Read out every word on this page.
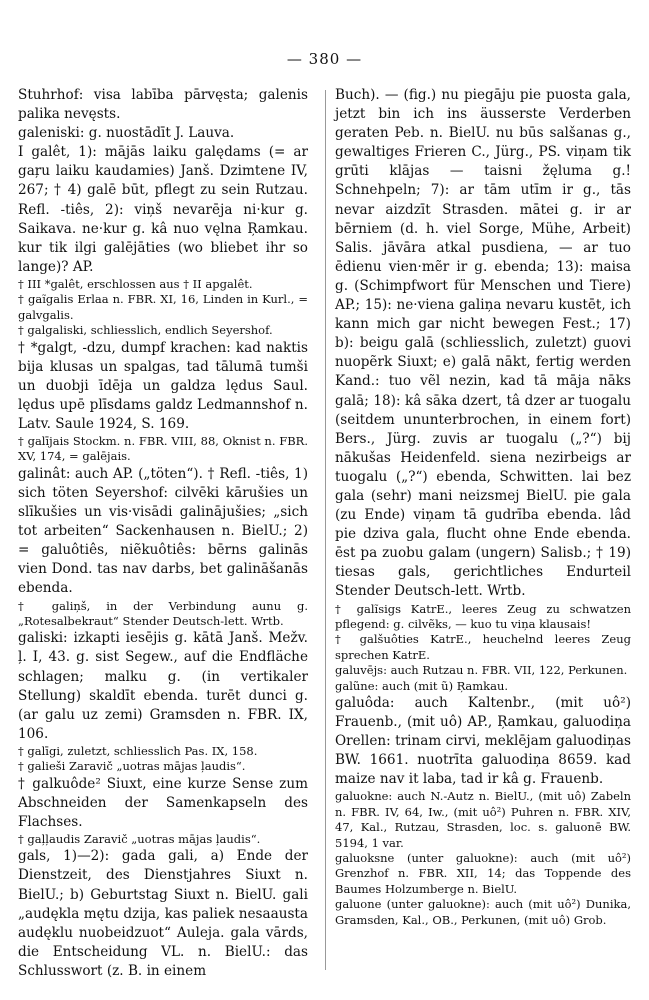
— 380 —

Stuhrhof: visa labība pārvęsta; galenis palika nevęsts.

galeniski: g. nuostādīt J. Lauva.

I galêt, 1): mājās laiku galędams (= ar gaŗu laiku kaudamies) Janš. Dzimtene IV, 267; † 4) galē būt, pflegt zu sein Rutzau. Refl. -tiês, 2): viņš nevarēja ni·kur g. Saikava. ne·kur g. kâ nuo vęlna Ŗamkau. kur tik ilgi galējāties (wo bliebet ihr so lange)? AP.

† III *galêt, erschlossen aus † II apgalêt.

† gaĩgalis Erlaa n. FBR. XI, 16, Linden in Kurl., = galvgalis.

† galgaliski, schliesslich, endlich Seyershof.

† *galgt, -dzu, dumpf krachen: kad naktis bija klusas un spalgas, tad tālumā tumši un duobji īdēja un galdza lędus Saul. lędus upē plīsdams galdz Ledmannshof n. Latv. Saule 1924, S. 169.

† galījais Stockm. n. FBR. VIII, 88, Oknist n. FBR. XV, 174, = galējais.

galinât: auch AP. („töten“). † Refl. -tiês, 1) sich töten Seyershof: cilvēki kārušies un slīkušies un vis·visādi galinājušies; „sich tot arbeiten“ Sackenhausen n. BielU.; 2) = galuôtiês, niẽkuôtiês: bērns galinās vien Dond. tas nav darbs, bet galināšanās ebenda.

† galiņš, in der Verbindung aunu g. „Rotesalbekraut“ Stender Deutsch-lett. Wrtb.

galiski: izkapti iesējis g. kātā Janš. Mežv. ļ. I, 43. g. sist Segew., auf die Endfläche schlagen; malku g. (in vertikaler Stellung) skaldīt ebenda. turēt dunci g. (ar galu uz zemi) Gramsden n. FBR. IX, 106.

† galīgi, zuletzt, schliesslich Pas. IX, 158.

† galieši Zaravič „uotras mājas ļaudis“.

† galkuôde² Siuxt, eine kurze Sense zum Abschneiden der Samenkapseln des Flachses.

† gaļļaudis Zaravič „uotras mājas ļaudis“.

gals, 1)—2): gada gali, a) Ende der Dienstzeit, des Dienstjahres Siuxt n. BielU.; b) Geburtstag Siuxt n. BielU. gali „audękla mętu dzija, kas paliek nesaausta audęklu nuobeidzuot“ Auleja. gala vārds, die Entscheidung VL. n. BielU.: das Schlusswort (z. B. in einem

Buch). — (fig.) nu piegāju pie puosta gala, jetzt bin ich ins äusserste Verderben geraten Peb. n. BielU. nu būs salšanas g., gewaltiges Frieren C., Jürg., PS. viņam tik grūti klājas — taisni žęluma g.! Schnehpeln; 7): ar tām utīm ir g., tās nevar aizdzīt Strasden. mātei g. ir ar bērniem (d. h. viel Sorge, Mühe, Arbeit) Salis. jāvāra atkal pusdiena, — ar tuo ēdienu vien·mẽr ir g. ebenda; 13): maisa g. (Schimpfwort für Menschen und Tiere) AP.; 15): ne·viena galiņa nevaru kustēt, ich kann mich gar nicht bewegen Fest.; 17) b): beigu galā (schliesslich, zuletzt) guovi nuopẽrk Siuxt; e) galā nākt, fertig werden Kand.: tuo vẽl nezin, kad tā māja nāks galā; 18): kâ sāka dzert, tâ dzer ar tuogalu (seitdem ununterbrochen, in einem fort) Bers., Jürg. zuvis ar tuogalu („?“) bij nākušas Heidenfeld. siena nezirbeigs ar tuogalu („?“) ebenda, Schwitten. lai bez gala (sehr) mani neizsmej BielU. pie gala (zu Ende) viņam tā gudrība ebenda. lâd pie dziva gala, flucht ohne Ende ebenda. ēst pa zuobu galam (ungern) Salisb.; † 19) tiesas gals, gerichtliches Endurteil Stender Deutsch-lett. Wrtb.

† galĩsigs KatrE., leeres Zeug zu schwatzen pflegend: g. cilvẽks, — kuo tu viņa klausais!

† galšuôties KatrE., heuchelnd leeres Zeug sprechen KatrE.

galuvējs: auch Rutzau n. FBR. VII, 122, Perkunen.

galũne: auch (mit ũ) Ŗamkau.

galuôda: auch Kaltenbr., (mit uô²) Frauenb., (mit uô) AP., Ŗamkau, galuodiņa Orellen: trinam cirvi, meklējam galuodiņas BW. 1661. nuotrīta galuodiņa 8659. kad maize nav it laba, tad ir kâ g. Frauenb.

galuokne: auch N.-Autz n. BielU., (mit uô) Zabeln n. FBR. IV, 64, Iw., (mit uô²) Puhren n. FBR. XIV, 47, Kal., Rutzau, Strasden, loc. s. galuonē BW. 5194, 1 var.

galuoksne (unter galuokne): auch (mit uô²) Grenzhof n. FBR. XII, 14; das Toppende des Baumes Holzumberge n. BielU.

galuone (unter galuokne): auch (mit uô²) Dunika, Gramsden, Kal., OB., Perkunen, (mit uô) Grob.
